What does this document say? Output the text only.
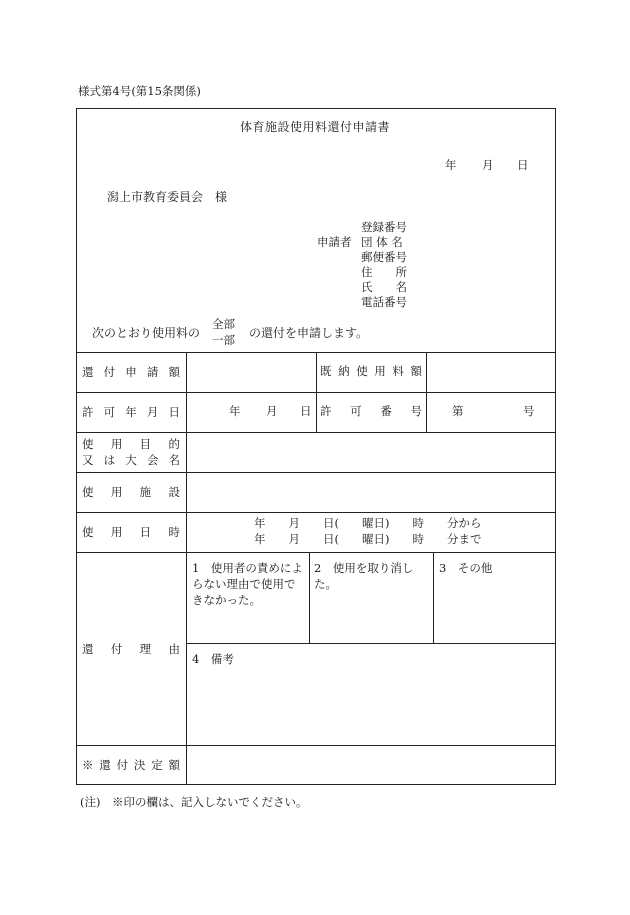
様式第4号(第15条関係)
体育施設使用料還付申請書
年 月 日
潟上市教育委員会　様
申請者
登録番号
団 体 名
郵便番号
住　　所
氏　　名
電話番号
次のとおり使用料の
全部
一部 の還付を申請します。
還付申請額	既納使用料額
許可年月日	年 月 日 許可番号	第	号
使用目的
又は大会名
使用施設
使用日時
年　　月　　日(　　曜日)　　時　　分から
年　　月　　日(　　曜日)　　時　　分まで
還付理由
1　使用者の責めによらない理由で使用できなかった。
2　使用を取り消した。
3　その他
4　備考
※還付決定額
(注)　※印の欄は、記入しないでください。
